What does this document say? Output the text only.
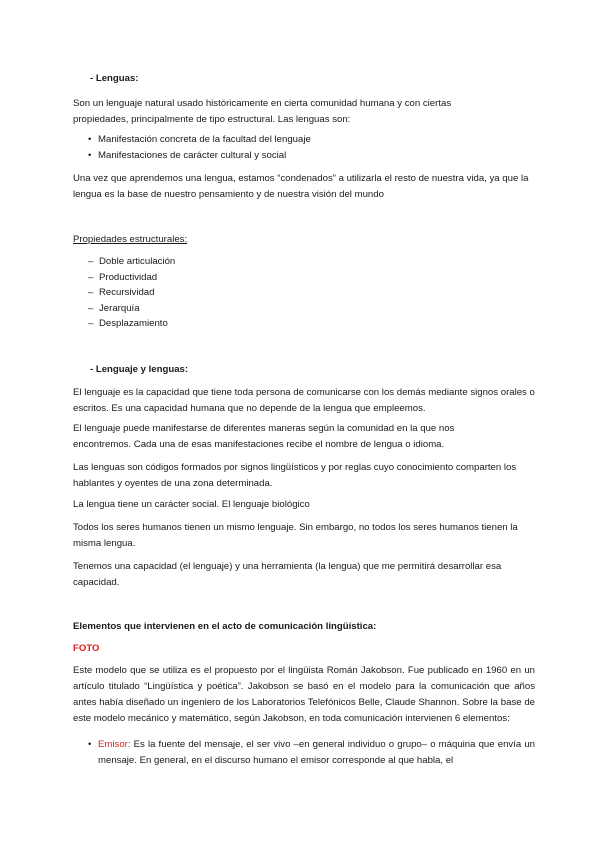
- Lenguas:

Son un lenguaje natural usado históricamente en cierta comunidad humana y con ciertas propiedades, principalmente de tipo estructural. Las lenguas son:

• Manifestación concreta de la facultad del lenguaje
• Manifestaciones de carácter cultural y social

Una vez que aprendemos una lengua, estamos “condenados” a utilizarla el resto de nuestra vida, ya que la lengua es la base de nuestro pensamiento y de nuestra visión del mundo

Propiedades estructurales:
– Doble articulación
– Productividad
– Recursividad
– Jerarquía
– Desplazamiento
- Lenguaje y lenguas:

El lenguaje es la capacidad que tiene toda persona de comunicarse con los demás mediante signos orales o escritos. Es una capacidad humana que no depende de la lengua que empleemos.

El lenguaje puede manifestarse de diferentes maneras según la comunidad en la que nos encontremos. Cada una de esas manifestaciones recibe el nombre de lengua o idioma.

Las lenguas son códigos formados por signos lingüísticos y por reglas cuyo conocimiento comparten los hablantes y oyentes de una zona determinada.

La lengua tiene un carácter social. El lenguaje biológico

Todos los seres humanos tienen un mismo lenguaje. Sin embargo, no todos los seres humanos tienen la misma lengua.

Tenemos una capacidad (el lenguaje) y una herramienta (la lengua) que me permitirá desarrollar esa capacidad.

Elementos que intervienen en el acto de comunicación lingüística:
FOTO

Este modelo que se utiliza es el propuesto por el lingüista Román Jakobson. Fue publicado en 1960 en un artículo titulado “Lingüística y poética”. Jakobson se basó en el modelo para la comunicación que años antes había diseñado un ingeniero de los Laboratorios Telefónicos Belle, Claude Shannon. Sobre la base de este modelo mecánico y matemático, según Jakobson, en toda comunicación intervienen 6 elementos:

• Emisor: Es la fuente del mensaje, el ser vivo –en general individuo o grupo– o máquina que envía un mensaje. En general, en el discurso humano el emisor corresponde al que habla, el
